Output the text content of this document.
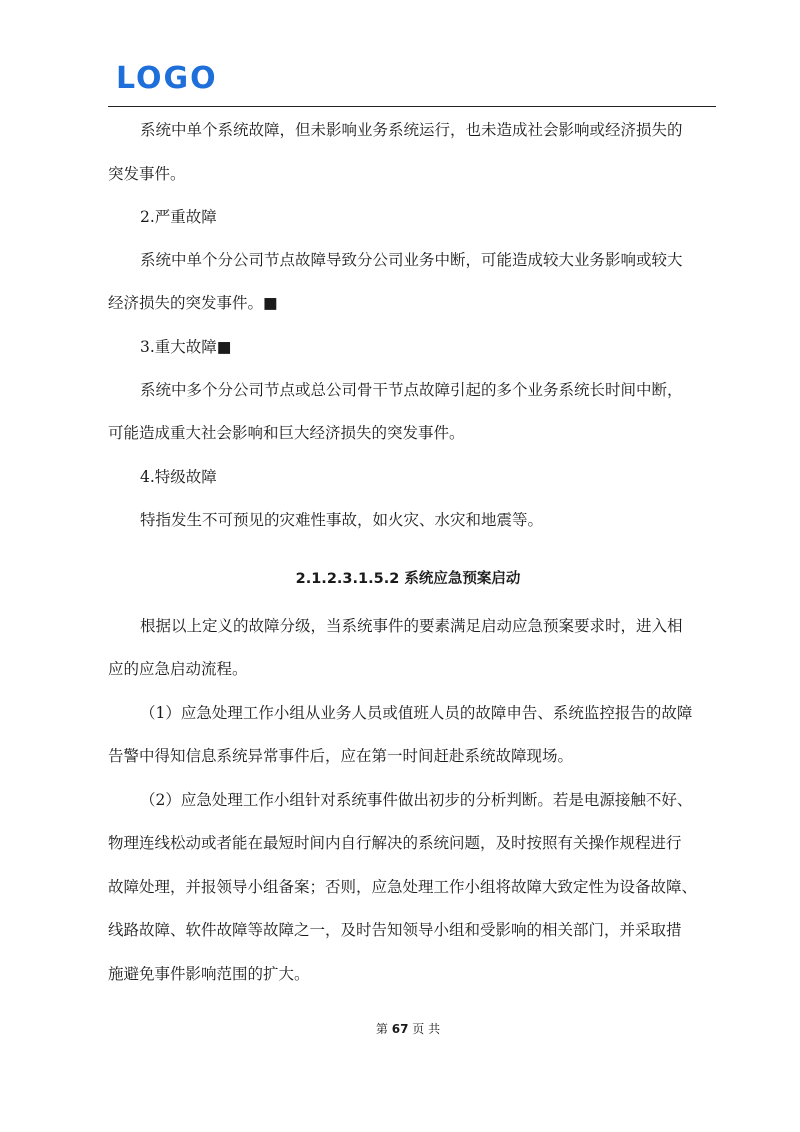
LOGO
系统中单个系统故障，但未影响业务系统运行，也未造成社会影响或经济损失的
突发事件。
2.严重故障
系统中单个分公司节点故障导致分公司业务中断，可能造成较大业务影响或较大
经济损失的突发事件。■
3.重大故障■
系统中多个分公司节点或总公司骨干节点故障引起的多个业务系统长时间中断，
可能造成重大社会影响和巨大经济损失的突发事件。
4.特级故障
特指发生不可预见的灾难性事故，如火灾、水灾和地震等。
2.1.2.3.1.5.2 系统应急预案启动
根据以上定义的故障分级，当系统事件的要素满足启动应急预案要求时，进入相
应的应急启动流程。
（1）应急处理工作小组从业务人员或值班人员的故障申告、系统监控报告的故障
告警中得知信息系统异常事件后，应在第一时间赶赴系统故障现场。
（2）应急处理工作小组针对系统事件做出初步的分析判断。若是电源接触不好、
物理连线松动或者能在最短时间内自行解决的系统问题，及时按照有关操作规程进行
故障处理，并报领导小组备案；否则，应急处理工作小组将故障大致定性为设备故障、
线路故障、软件故障等故障之一，及时告知领导小组和受影响的相关部门，并采取措
施避免事件影响范围的扩大。
第 67 页 共
